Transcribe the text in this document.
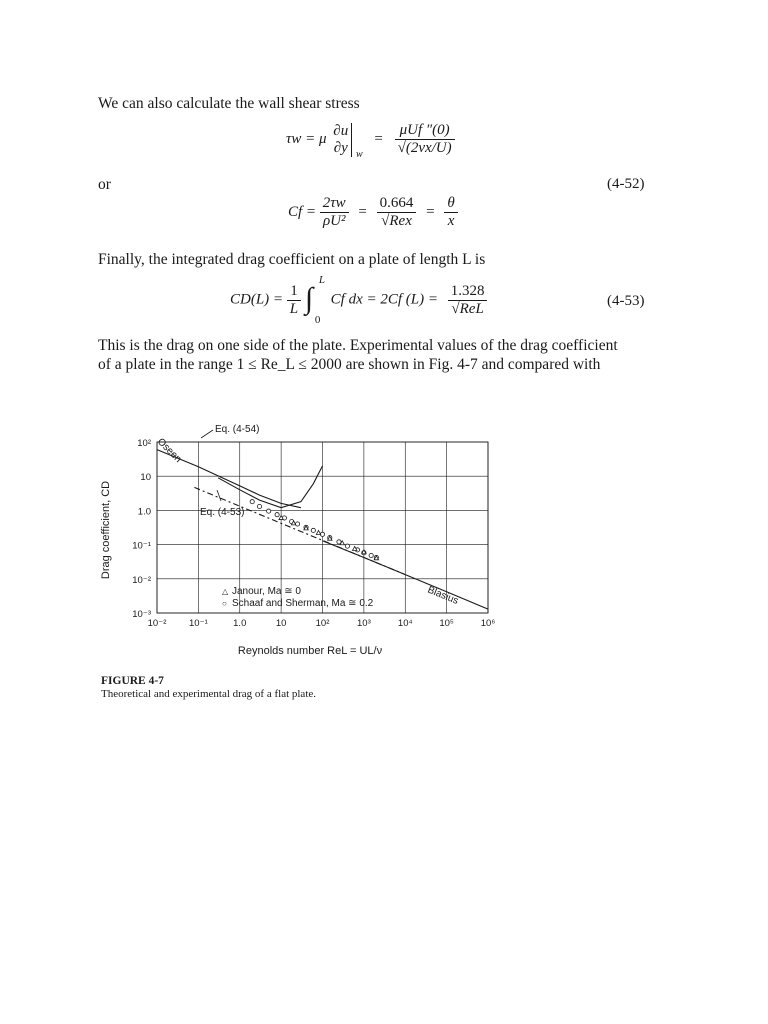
We can also calculate the wall shear stress
τw = μ
∂u
∂y $_w = \frac{\text{μUf ″(0)}}{√(2\nu x/U)}$
or	(4-52)
$Cf = \frac{2\tau w}{\text{ρU²}} = \frac{0.664}{\text{√Rex}} = \frac{\theta}{x}$
Finally, the integrated drag coefficient on a plate of length L is
$CD(L) = \frac{1}{L}$
∫
L
0
Cf dx = 2Cf $(L) = \frac{1.328}{\text{√ReL}}$	(4-53)
This is the drag on one side of the plate. Experimental values of the drag coefficient
of a plate in the range 1 ≤ Re_L ≤ 2000 are shown in Fig. 4-7 and compared with
10⁻² 10⁻¹	1.0	10	10²	10³	10⁴	10⁵	10⁶
10²
10
1.0
10⁻¹
10⁻²
10⁻³
Oseen
Eq. (4-54)
Eq. (4-53)
Blasius
△ Janour, Ma ≅ 0
○ Schaaf and Sherman, Ma ≅ 0.2
Drag coefficient, CD
Reynolds number ReL = UL/ν
FIGURE 4-7
Theoretical and experimental drag of a flat plate.
